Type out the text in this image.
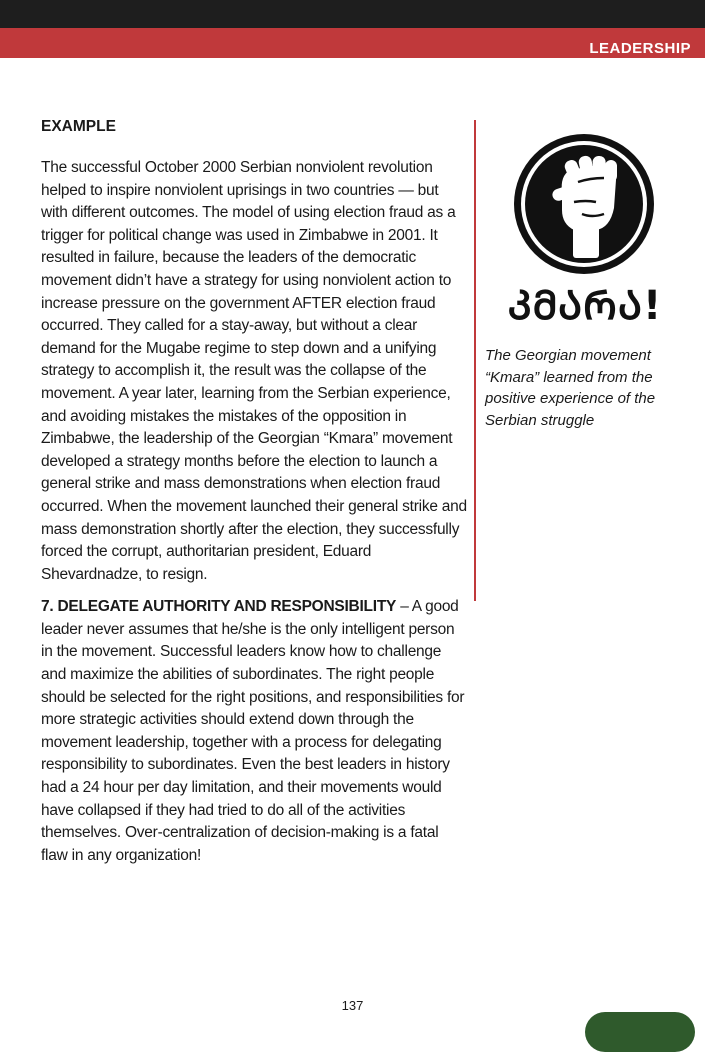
LEADERSHIP

EXAMPLE

The successful October 2000 Serbian nonviolent revolution helped to inspire nonviolent uprisings in two countries — but with different outcomes. The model of using election fraud as a trigger for political change was used in Zimbabwe in 2001. It resulted in failure, because the leaders of the democratic movement didn’t have a strategy for using nonviolent action to increase pressure on the government AFTER election fraud occurred. They called for a stay-away, but without a clear demand for the Mugabe regime to step down and a unifying strategy to accomplish it, the result was the collapse of the movement. A year later, learning from the Serbian experience, and avoiding mistakes the mistakes of the opposition in Zimbabwe, the leadership of the Georgian “Kmara” movement developed a strategy months before the election to launch a general strike and mass demonstrations when election fraud occurred. When the movement launched their general strike and mass demonstration shortly after the election, they successfully forced the corrupt, authoritarian president, Eduard Shevardnadze, to resign.

7. DELEGATE AUTHORITY AND RESPONSIBILITY – A good leader never assumes that he/she is the only intelligent person in the movement. Successful leaders know how to challenge and maximize the abilities of subordinates. The right people should be selected for the right positions, and responsibilities for more strategic activities should extend down through the movement leadership, together with a process for delegating responsibility to subordinates. Even the best leaders in history had a 24 hour per day limitation, and their movements would have collapsed if they had tried to do all of the activities themselves. Over-centralization of decision-making is a fatal flaw in any organization!

ᲙᲛᲐᲠᲐ!
The Georgian movement “Kmara” learned from the positive experience of the Serbian struggle
137
